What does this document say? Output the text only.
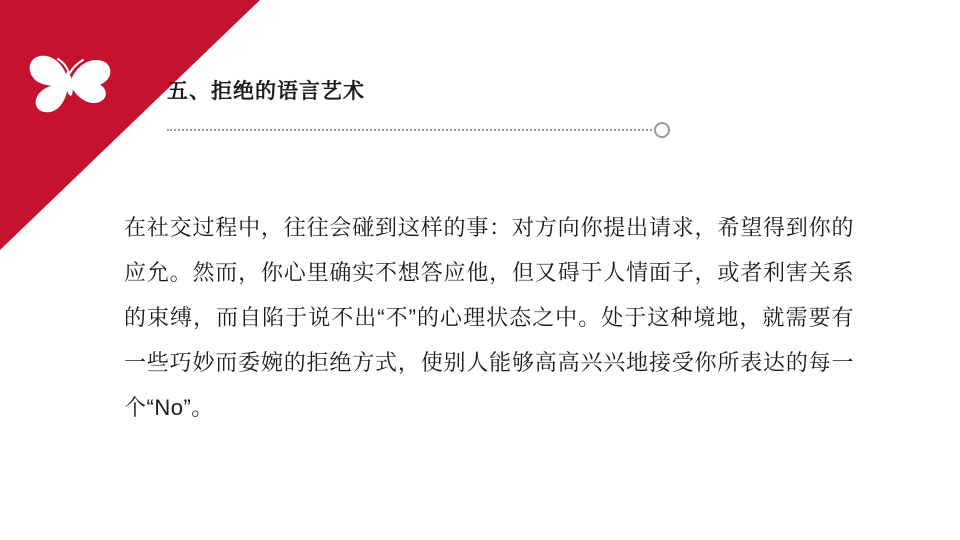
五、拒绝的语言艺术
在社交过程中，往往会碰到这样的事：对方向你提出请求，希望得到你的应允。然而，你心里确实不想答应他，但又碍于人情面子，或者利害关系的束缚，而自陷于说不出“不”的心理状态之中。处于这种境地，就需要有一些巧妙而委婉的拒绝方式，使别人能够高高兴兴地接受你所表达的每一个“No”。
